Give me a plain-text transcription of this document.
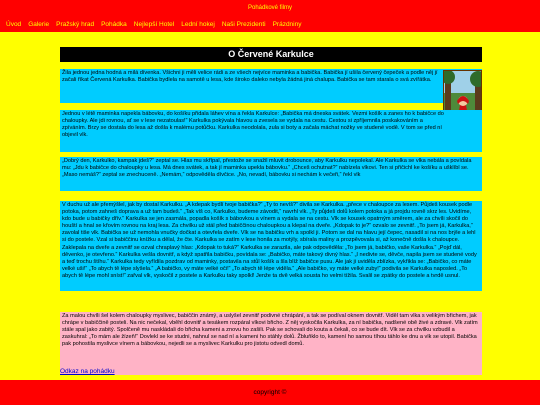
Pohádkové filmy
Úvod Galerie Pražský hrad Pohádka Nejlepší Hotel Lední hokej Naši Prezidenti Prázdniny
O Červené Karkulce
Žila jednou jedna hodná a milá dívenka. Všichni ji měli velice rádi a ze všech nejvíce maminka a babička. Babička jí ušila červený čepeček a podle něj jí začali říkat Červená Karkulka. Babička bydlela na samotě u lesa, kde široko daleko nebyla žádná jiná chalupa. Babička se tam starala o svá zvířátka.
Jednou v létě maminka napekla bábovku, do košíku přidala láhev vína a řekla Karkulce: „Babička má dneska svátek. Vezmi košík a zanes ho k babičce do chaloupky. Ale jdi rovnou, ať se v lese nezatoulas!“ Karkulka pokývala hlavou a zvesela se vydala na cestu. Cestou si zpříjemnila poskakováním a zpíváním. Brzy se dostala do lesa až došla k malému potůčku. Karkulka neodolala, zula si boty a začala máchat nožky ve studené vodě. V tom se před ní objevil vlk.
„Dobrý den, Karkulko, kampak jdeš?“ zeptal se. Hlas mu skřípal, přestože se snažil mluvit drobounce, aby Karkulku nepolekal. Ale Karkulka se vlka nebála a povídala mu: „Jdu k babičce do chaloupky u lesa. Má dnes svátek, a tak jí maminka upekla bábovku.“ „Chceš ochutnat?“ nabízela vlkovi. Ten si přičichl ke košíku a ušklíbl se. „Maso nemáš?“ zeptal se znechuceně. „Nemám,“ odpověděla dívčice. „No, nevadí, bábovku si nechám k večeři,“ řekl vlk
V duchu už ale přemýšlel, jak by dostal Karkulku. „A kdepak bydlí tvoje babička?“ „Ty to nevíš?“ divila se Karkulka. „přece v chaloupce za lesem. Půjdeš kousek podle potoka, potom zahneš doprava a už tam budeš.“ „Tak víš co, Karkulko, budeme závodit,“ navrhl vlk. „Ty půjdeš dolů kolem potoka a já projdu rovně skrz les. Uvidíme, kdo bude u babičky dřív.“ Karkulka se jen zasmála, popadla košík s bábovkou a vínem a vydala se na cestu. Vlk se kousek opatrným směrem, ale za chvíli skočil do houští a hnal se křovím rovnou na kraj lesa. Za chvilku už stál před babiččinou chaloupkou a klepal na dveře. „Kdopak to je?“ ozvalo se zevnitř. „To jsem já, Karkulka,“ zavolal tiše vlk. Babička se už nemohla vnučky dočkat a otevřela dveře. Vlk se na babičku vrh a spolkl ji. Potom se dal na hlavu její čepec, nasadil si na nos brýle a lehl si do postele. Vzal si babiččinu knížku a dělal, že čte. Karkulka se zatím v lese honila za motýly, sbírala maliny a prozpěvovala si, až konečně došla k chaloupce. Zaklepala na dveře a zevnitř se ozval chraplavý hlas: „Kdopak to tuká?“ Karkulka se zarazila, ale pak odpověděla: „To jsem já, babičko, vaše Karkulka.“ „Pojď dál, děvenko, je otevřeno.“ Karkulka vešla dovnitř, a když spatřila babičku, povídala se: „Babičko, máte takový divný hlas.“ „I nedivte se, děvče, napila jsem se studené vody a teď trochu štíhu.“ Karkulka tedy vyřídila pozdrav od maminky, postavila na stůl košík a šla blíž babičce pusu. Ale jak ji uviděla zblízka, vykřikla se: „Babičko, co máte velké uši!“ „To abych tě lépe slyšela.“ „A babičko, vy máte velké oči!“ „To abych tě lépe viděla.“ „Ale babičko, vy máte velké zuby!“ podivila se Karkulka naposled. „To abych tě lépe mohl sníst!“ zařval vlk, vyskočil z postele a Karkulku taky spolkl! Jenže ta dvě velká sousta ho velmi tížila. Svalil se zpátky do postele a tvrdě usnul.
Za malou chvíli šel kolem chaloupky myslivec, babiččin známý, a uslyšel zevnitř podivné chrápání, a tak se podíval oknem dovnitř. Viděl tam vlka s velikým břichem, jak chrápe v babiččině posteli. Na nic nečekal, vběhl dovnitř a tesákem rozpáral vlkovi břicho. Z něj vyskočila Karkulka, za ní babička, nadšené obě živé a zdravé. Vlk zatím stále spal jako zabitý. Spolčeně mu naskládali do břicha kameni a znovu ho zašili. Pak se schovali do kouta a čekali, co se bude dít. Vlk se za chvilku vzbudil a zaskuhral: „To mám ale žízeň!“ Dovlekl se ke studni, nahnul se nad ní a kameni ho stáhly dolů. Žbluňklo to, kamení ho samou tíhou táhlo ke dnu a vlk se utopil. Babička pak pohostila myslivce vínem a bábovkou, nejedli se a myslivec Karkulku pro jistotu odvedl domů.
Odkaz na pohádku
copyright ©
